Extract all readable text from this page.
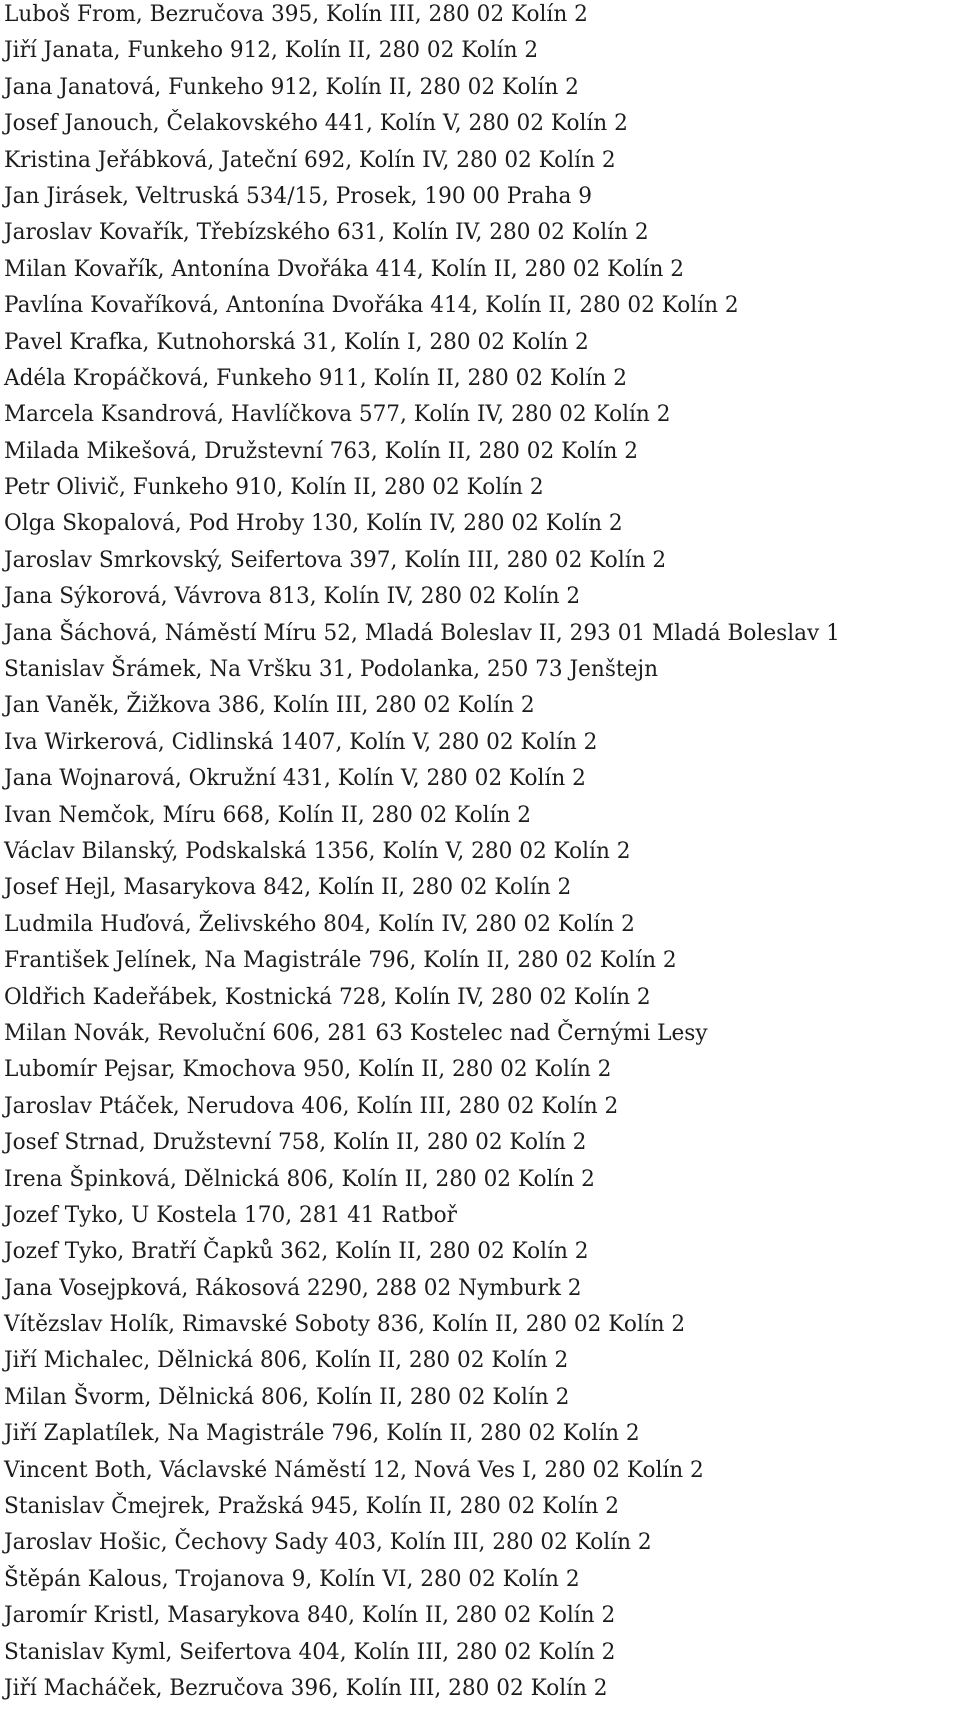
Luboš From, Bezručova 395, Kolín III, 280 02 Kolín 2
Jiří Janata, Funkeho 912, Kolín II, 280 02 Kolín 2
Jana Janatová, Funkeho 912, Kolín II, 280 02 Kolín 2
Josef Janouch, Čelakovského 441, Kolín V, 280 02 Kolín 2
Kristina Jeřábková, Jateční 692, Kolín IV, 280 02 Kolín 2
Jan Jirásek, Veltruská 534/15, Prosek, 190 00 Praha 9
Jaroslav Kovařík, Třebízského 631, Kolín IV, 280 02 Kolín 2
Milan Kovařík, Antonína Dvořáka 414, Kolín II, 280 02 Kolín 2
Pavlína Kovaříková, Antonína Dvořáka 414, Kolín II, 280 02 Kolín 2
Pavel Krafka, Kutnohorská 31, Kolín I, 280 02 Kolín 2
Adéla Kropáčková, Funkeho 911, Kolín II, 280 02 Kolín 2
Marcela Ksandrová, Havlíčkova 577, Kolín IV, 280 02 Kolín 2
Milada Mikešová, Družstevní 763, Kolín II, 280 02 Kolín 2
Petr Olivič, Funkeho 910, Kolín II, 280 02 Kolín 2
Olga Skopalová, Pod Hroby 130, Kolín IV, 280 02 Kolín 2
Jaroslav Smrkovský, Seifertova 397, Kolín III, 280 02 Kolín 2
Jana Sýkorová, Vávrova 813, Kolín IV, 280 02 Kolín 2
Jana Šáchová, Náměstí Míru 52, Mladá Boleslav II, 293 01 Mladá Boleslav 1
Stanislav Šrámek, Na Vršku 31, Podolanka, 250 73 Jenštejn
Jan Vaněk, Žižkova 386, Kolín III, 280 02 Kolín 2
Iva Wirkerová, Cidlinská 1407, Kolín V, 280 02 Kolín 2
Jana Wojnarová, Okružní 431, Kolín V, 280 02 Kolín 2
Ivan Nemčok, Míru 668, Kolín II, 280 02 Kolín 2
Václav Bilanský, Podskalská 1356, Kolín V, 280 02 Kolín 2
Josef Hejl, Masarykova 842, Kolín II, 280 02 Kolín 2
Ludmila Huďová, Želivského 804, Kolín IV, 280 02 Kolín 2
František Jelínek, Na Magistrále 796, Kolín II, 280 02 Kolín 2
Oldřich Kadeřábek, Kostnická 728, Kolín IV, 280 02 Kolín 2
Milan Novák, Revoluční 606, 281 63 Kostelec nad Černými Lesy
Lubomír Pejsar, Kmochova 950, Kolín II, 280 02 Kolín 2
Jaroslav Ptáček, Nerudova 406, Kolín III, 280 02 Kolín 2
Josef Strnad, Družstevní 758, Kolín II, 280 02 Kolín 2
Irena Špinková, Dělnická 806, Kolín II, 280 02 Kolín 2
Jozef Tyko, U Kostela 170, 281 41 Ratboř
Jozef Tyko, Bratří Čapků 362, Kolín II, 280 02 Kolín 2
Jana Vosejpková, Rákosová 2290, 288 02 Nymburk 2
Vítězslav Holík, Rimavské Soboty 836, Kolín II, 280 02 Kolín 2
Jiří Michalec, Dělnická 806, Kolín II, 280 02 Kolín 2
Milan Švorm, Dělnická 806, Kolín II, 280 02 Kolín 2
Jiří Zaplatílek, Na Magistrále 796, Kolín II, 280 02 Kolín 2
Vincent Both, Václavské Náměstí 12, Nová Ves I, 280 02 Kolín 2
Stanislav Čmejrek, Pražská 945, Kolín II, 280 02 Kolín 2
Jaroslav Hošic, Čechovy Sady 403, Kolín III, 280 02 Kolín 2
Štěpán Kalous, Trojanova 9, Kolín VI, 280 02 Kolín 2
Jaromír Kristl, Masarykova 840, Kolín II, 280 02 Kolín 2
Stanislav Kyml, Seifertova 404, Kolín III, 280 02 Kolín 2
Jiří Macháček, Bezručova 396, Kolín III, 280 02 Kolín 2
